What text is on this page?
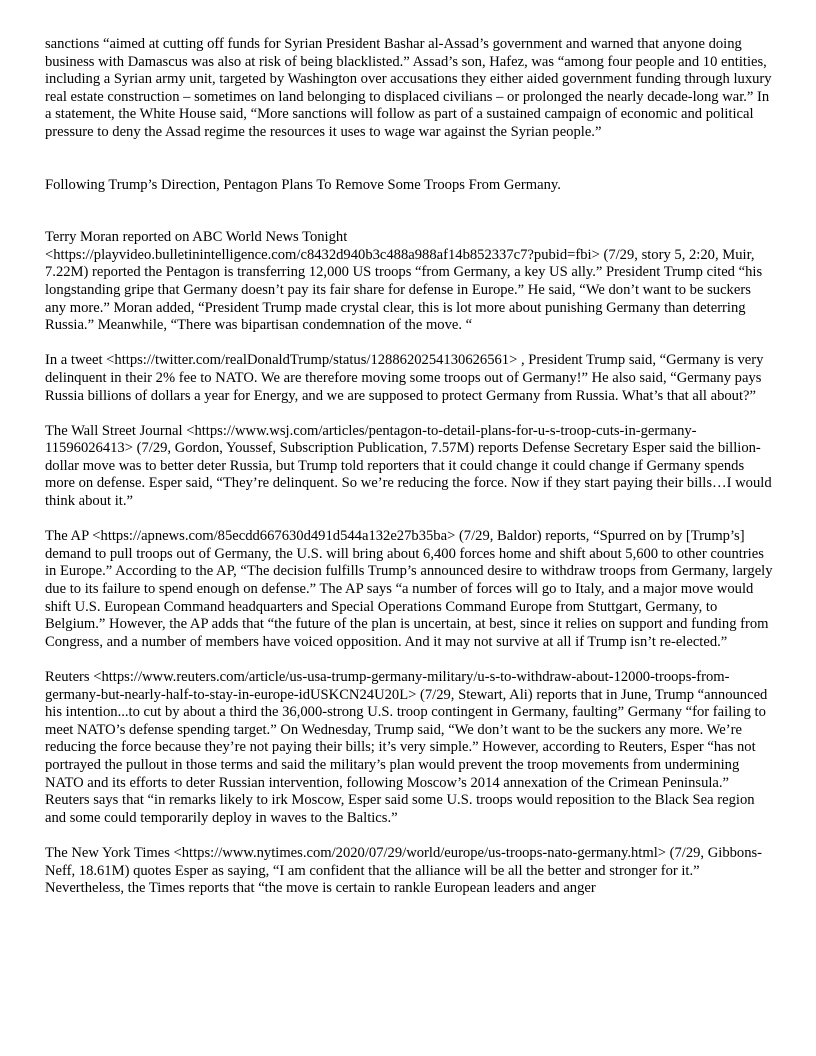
sanctions “aimed at cutting off funds for Syrian President Bashar al-Assad’s government and warned that anyone doing business with Damascus was also at risk of being blacklisted.” Assad’s son, Hafez, was “among four people and 10 entities, including a Syrian army unit, targeted by Washington over accusations they either aided government funding through luxury real estate construction – sometimes on land belonging to displaced civilians – or prolonged the nearly decade-long war.” In a statement, the White House said, “More sanctions will follow as part of a sustained campaign of economic and political pressure to deny the Assad regime the resources it uses to wage war against the Syrian people.”

Following Trump’s Direction, Pentagon Plans To Remove Some Troops From Germany.

Terry Moran reported on ABC World News Tonight <https://playvideo.bulletinintelligence.com/c8432d940b3c488a988af14b852337c7?pubid=fbi> (7/29, story 5, 2:20, Muir, 7.22M) reported the Pentagon is transferring 12,000 US troops “from Germany, a key US ally.” President Trump cited “his longstanding gripe that Germany doesn’t pay its fair share for defense in Europe.” He said, “We don’t want to be suckers any more.” Moran added, “President Trump made crystal clear, this is lot more about punishing Germany than deterring Russia.” Meanwhile, “There was bipartisan condemnation of the move. “

In a tweet <https://twitter.com/realDonaldTrump/status/1288620254130626561> , President Trump said, “Germany is very delinquent in their 2% fee to NATO. We are therefore moving some troops out of Germany!” He also said, “Germany pays Russia billions of dollars a year for Energy, and we are supposed to protect Germany from Russia. What’s that all about?”

The Wall Street Journal <https://www.wsj.com/articles/pentagon-to-detail-plans-for-u-s-troop-cuts-in-germany-11596026413> (7/29, Gordon, Youssef, Subscription Publication, 7.57M) reports Defense Secretary Esper said the billion-dollar move was to better deter Russia, but Trump told reporters that it could change it could change if Germany spends more on defense. Esper said, “They’re delinquent. So we’re reducing the force. Now if they start paying their bills…I would think about it.”

The AP <https://apnews.com/85ecdd667630d491d544a132e27b35ba> (7/29, Baldor) reports, “Spurred on by [Trump’s] demand to pull troops out of Germany, the U.S. will bring about 6,400 forces home and shift about 5,600 to other countries in Europe.” According to the AP, “The decision fulfills Trump’s announced desire to withdraw troops from Germany, largely due to its failure to spend enough on defense.” The AP says “a number of forces will go to Italy, and a major move would shift U.S. European Command headquarters and Special Operations Command Europe from Stuttgart, Germany, to Belgium.” However, the AP adds that “the future of the plan is uncertain, at best, since it relies on support and funding from Congress, and a number of members have voiced opposition. And it may not survive at all if Trump isn’t re-elected.”

Reuters <https://www.reuters.com/article/us-usa-trump-germany-military/u-s-to-withdraw-about-12000-troops-from-germany-but-nearly-half-to-stay-in-europe-idUSKCN24U20L> (7/29, Stewart, Ali) reports that in June, Trump “announced his intention...to cut by about a third the 36,000-strong U.S. troop contingent in Germany, faulting” Germany “for failing to meet NATO’s defense spending target.” On Wednesday, Trump said, “We don’t want to be the suckers any more. We’re reducing the force because they’re not paying their bills; it’s very simple.” However, according to Reuters, Esper “has not portrayed the pullout in those terms and said the military’s plan would prevent the troop movements from undermining NATO and its efforts to deter Russian intervention, following Moscow’s 2014 annexation of the Crimean Peninsula.” Reuters says that “in remarks likely to irk Moscow, Esper said some U.S. troops would reposition to the Black Sea region and some could temporarily deploy in waves to the Baltics.”

The New York Times <https://www.nytimes.com/2020/07/29/world/europe/us-troops-nato-germany.html> (7/29, Gibbons-Neff, 18.61M) quotes Esper as saying, “I am confident that the alliance will be all the better and stronger for it.” Nevertheless, the Times reports that “the move is certain to rankle European leaders and anger
